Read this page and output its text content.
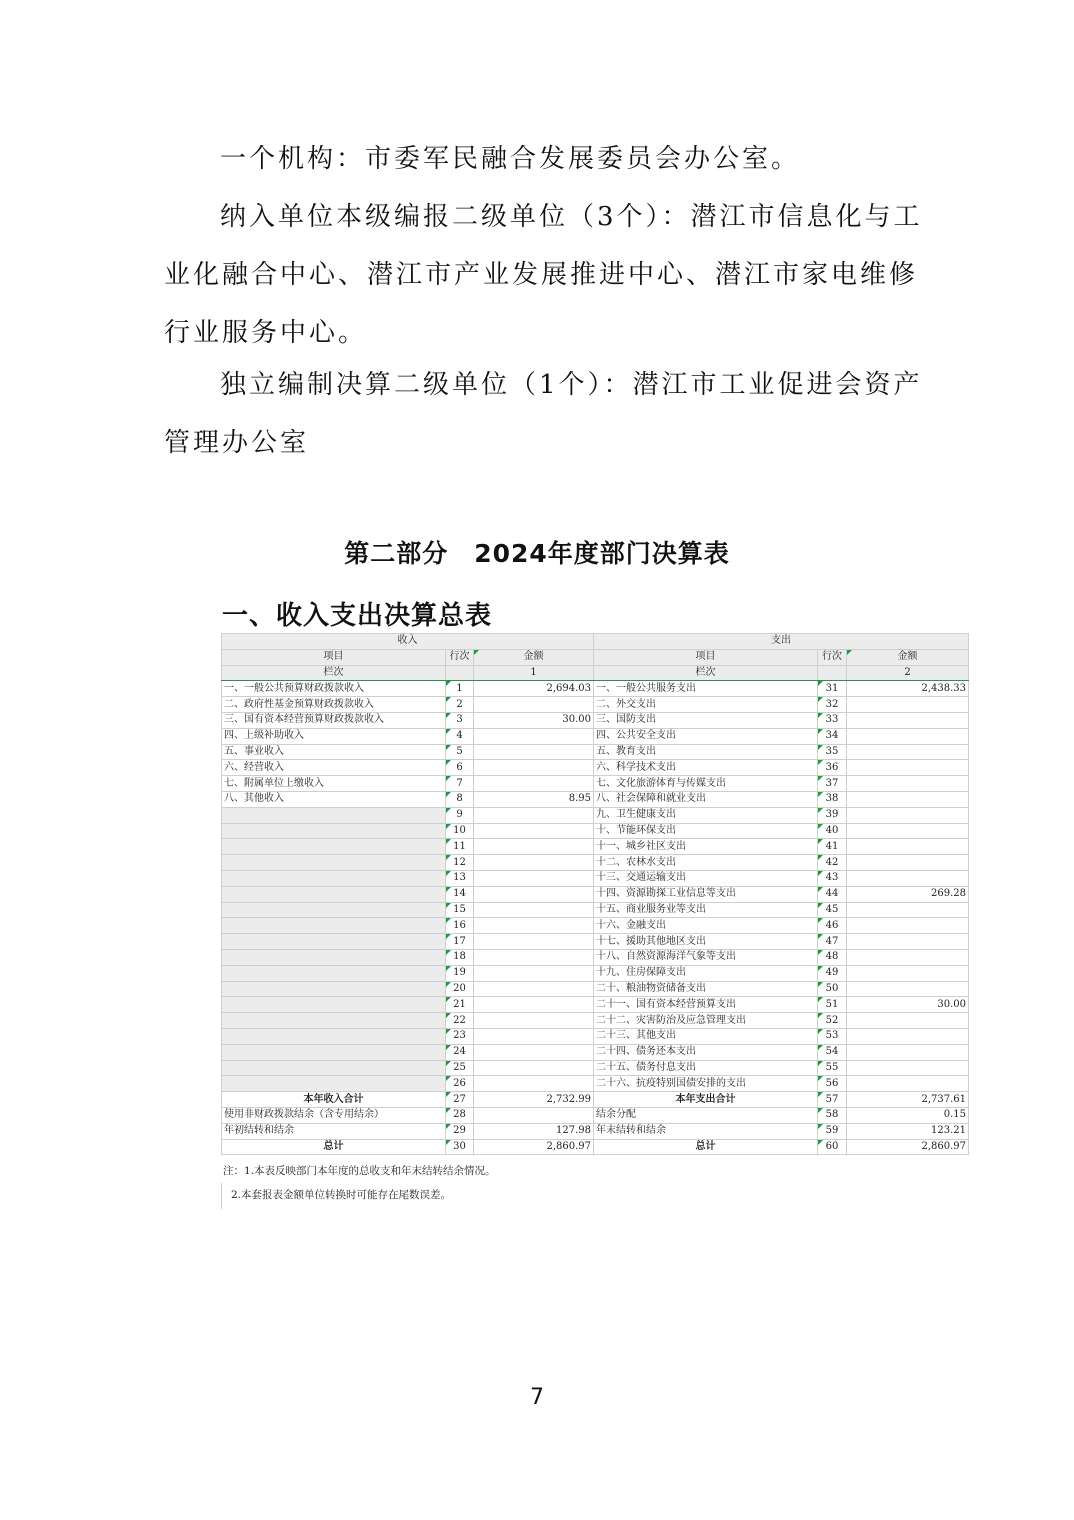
一个机构：市委军民融合发展委员会办公室。
纳入单位本级编报二级单位（3个）：潜江市信息化与工业化融合中心、潜江市产业发展推进中心、潜江市家电维修行业服务中心。
独立编制决算二级单位（1个）：潜江市工业促进会资产管理办公室
第二部分　2024年度部门决算表
一、收入支出决算总表
收入			支出		
项目	行次	金额	项目	行次	金额
栏次		1	栏次		2
一、一般公共预算财政拨款收入	1	2,694.03	一、一般公共服务支出	31	2,438.33
二、政府性基金预算财政拨款收入	2		二、外交支出	32	
三、国有资本经营预算财政拨款收入	3	30.00	三、国防支出	33	
四、上级补助收入	4		四、公共安全支出	34	
五、事业收入	5		五、教育支出	35	
六、经营收入	6		六、科学技术支出	36	
七、附属单位上缴收入	7		七、文化旅游体育与传媒支出	37	
八、其他收入	8	8.95	八、社会保障和就业支出	38	
	9		九、卫生健康支出	39	
	10		十、节能环保支出	40	
	11		十一、城乡社区支出	41	
	12		十二、农林水支出	42	
	13		十三、交通运输支出	43	
	14		十四、资源勘探工业信息等支出	44	269.28
	15		十五、商业服务业等支出	45	
	16		十六、金融支出	46	
	17		十七、援助其他地区支出	47	
	18		十八、自然资源海洋气象等支出	48	
	19		十九、住房保障支出	49	
	20		二十、粮油物资储备支出	50	
	21		二十一、国有资本经营预算支出	51	30.00
	22		二十二、灾害防治及应急管理支出	52	
	23		二十三、其他支出	53	
	24		二十四、债务还本支出	54	
	25		二十五、债务付息支出	55	
	26		二十六、抗疫特别国债安排的支出	56	
本年收入合计	27	2,732.99	本年支出合计	57	2,737.61
使用非财政拨款结余（含专用结余）	28		结余分配	58	0.15
年初结转和结余	29	127.98	年末结转和结余	59	123.21
总计	30	2,860.97	总计	60	2,860.97
注：1.本表反映部门本年度的总收支和年末结转结余情况。
2.本套报表金额单位转换时可能存在尾数误差。
7
